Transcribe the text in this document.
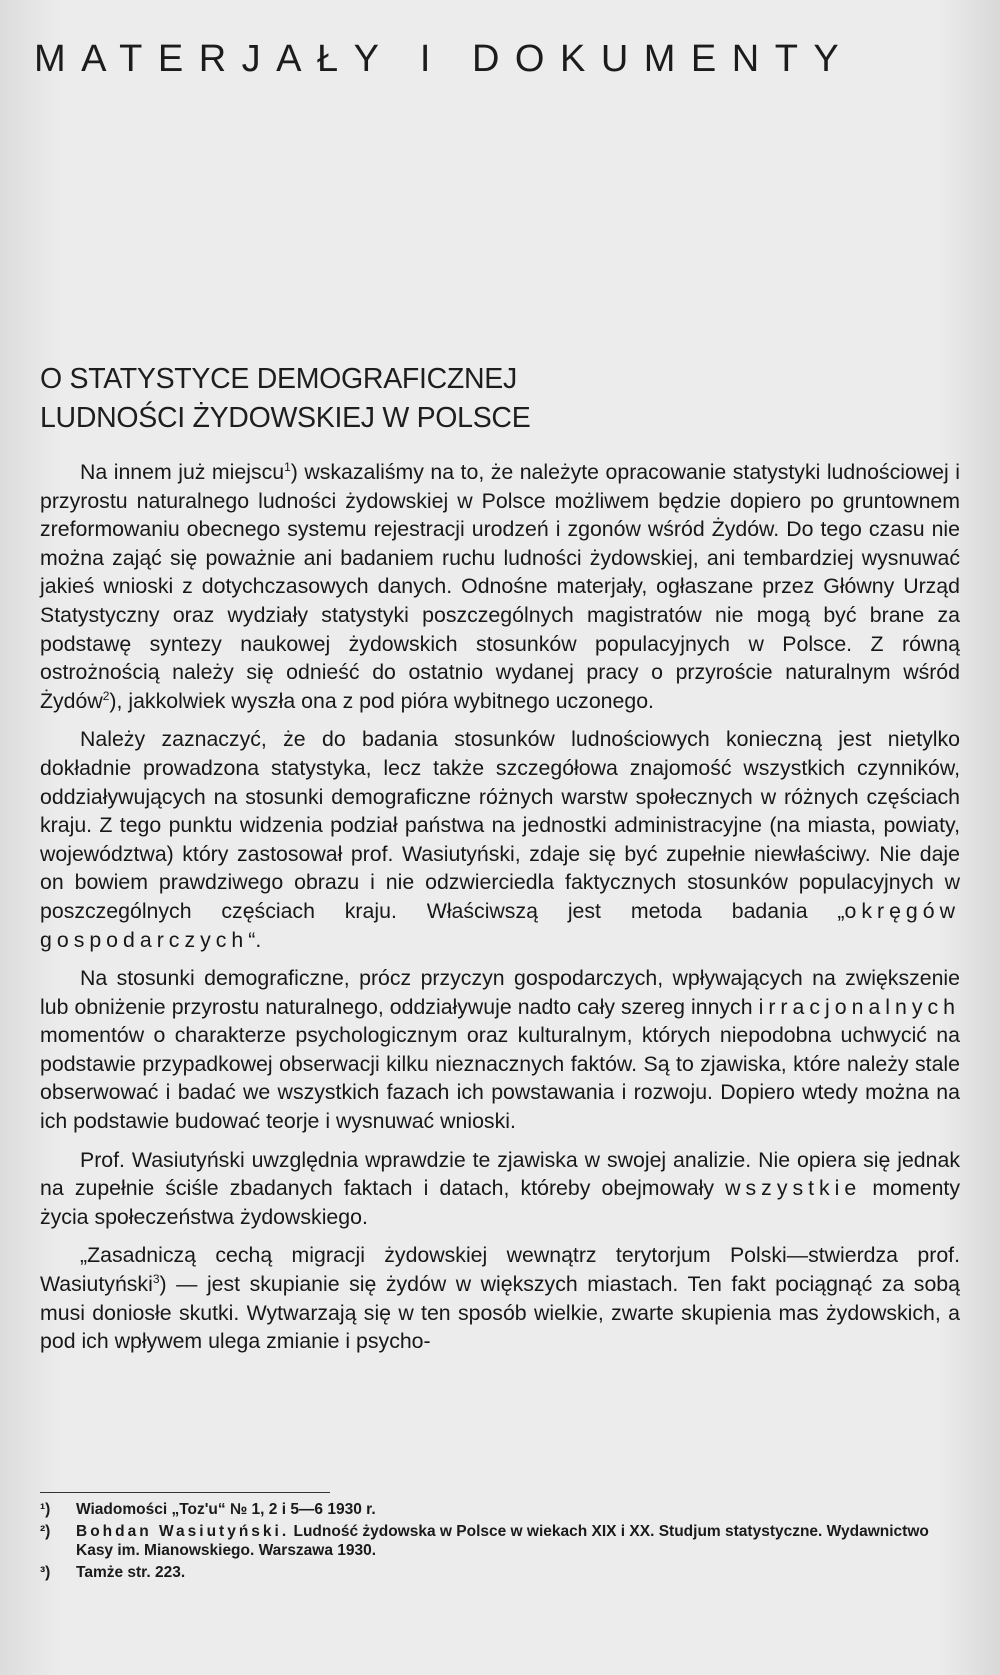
MATERJAŁY I DOKUMENTY
O STATYSTYCE DEMOGRAFICZNEJ
LUDNOŚCI ŻYDOWSKIEJ W POLSCE

Na innem już miejscu$^1$) wskazaliśmy na to, że należyte opracowanie statystyki ludnościowej i przyrostu naturalnego ludności żydowskiej w Polsce możliwem będzie dopiero po gruntownem zreformowaniu obecnego systemu rejestracji urodzeń i zgonów wśród Żydów. Do tego czasu nie można zająć się poważnie ani badaniem ruchu ludności żydowskiej, ani tembardziej wysnuwać jakieś wnioski z dotychczasowych danych. Odnośne materjały, ogłaszane przez Główny Urząd Statystyczny oraz wydziały statystyki poszczególnych magistratów nie mogą być brane za podstawę syntezy naukowej żydowskich stosunków populacyjnych w Polsce. Z równą ostrożnością należy się odnieść do ostatnio wydanej pracy o przyroście naturalnym wśród Żydów$^2$), jakkolwiek wyszła ona z pod pióra wybitnego uczonego.

Należy zaznaczyć, że do badania stosunków ludnościowych konieczną jest nietylko dokładnie prowadzona statystyka, lecz także szczegółowa znajomość wszystkich czynników, oddziaływujących na stosunki demograficzne różnych warstw społecznych w różnych częściach kraju. Z tego punktu widzenia podział państwa na jednostki administracyjne (na miasta, powiaty, województwa) który zastosował prof. Wasiutyński, zdaje się być zupełnie niewłaściwy. Nie daje on bowiem prawdziwego obrazu i nie odzwierciedla faktycznych stosunków populacyjnych w poszczególnych częściach kraju. Właściwszą jest metoda badania „okręgów gospodarczych“.

Na stosunki demograficzne, prócz przyczyn gospodarczych, wpływających na zwiększenie lub obniżenie przyrostu naturalnego, oddziaływuje nadto cały szereg innych irracjonalnych momentów o charakterze psychologicznym oraz kulturalnym, których niepodobna uchwycić na podstawie przypadkowej obserwacji kilku nieznacznych faktów. Są to zjawiska, które należy stale obserwować i badać we wszystkich fazach ich powstawania i rozwoju. Dopiero wtedy można na ich podstawie budować teorje i wysnuwać wnioski.

Prof. Wasiutyński uwzględnia wprawdzie te zjawiska w swojej analizie. Nie opiera się jednak na zupełnie ściśle zbadanych faktach i datach, któreby obejmowały wszystkie momenty życia społeczeństwa żydowskiego.

„Zasadniczą cechą migracji żydowskiej wewnątrz terytorjum Polski—stwierdza prof. Wasiutyński$^3$) — jest skupianie się żydów w większych miastach. Ten fakt pociągnąć za sobą musi doniosłe skutki. Wytwarzają się w ten sposób wielkie, zwarte skupienia mas żydowskich, a pod ich wpływem ulega zmianie i psycho-

¹)	Wiadomości „Toz'u“ № 1, 2 i 5—6 1930 r.
²)	Bohdan Wasiutyński. Ludność żydowska w Polsce w wiekach XIX i XX. Studjum statystyczne. Wydawnictwo Kasy im. Mianowskiego. Warszawa 1930.
³)	Tamże str. 223.
